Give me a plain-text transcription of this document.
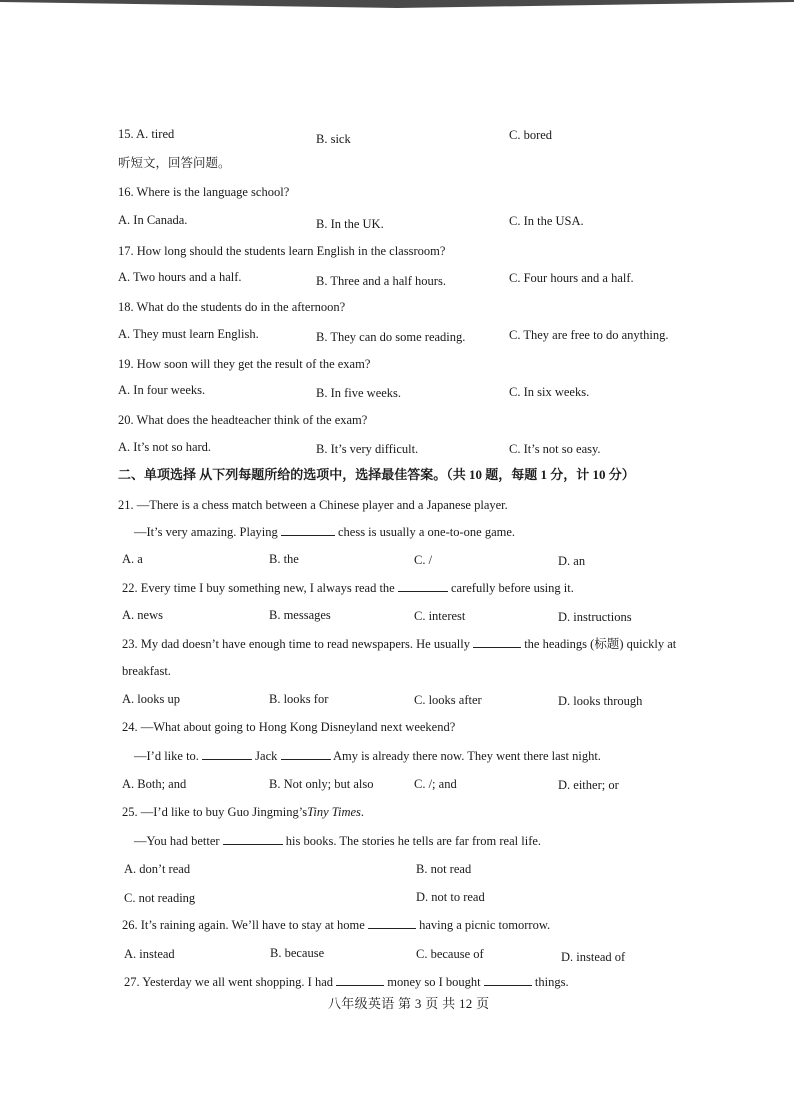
15. A. tired	B. sick	C. bored
听短文，回答问题。
16. Where is the language school?
A. In Canada.	B. In the UK.	C. In the USA.
17. How long should the students learn English in the classroom?
A. Two hours and a half.	B. Three and a half hours.	C. Four hours and a half.
18. What do the students do in the afternoon?
A. They must learn English.	B. They can do some reading.	C. They are free to do anything.
19. How soon will they get the result of the exam?
A. In four weeks.	B. In five weeks.	C. In six weeks.
20. What does the headteacher think of the exam?
A. It’s not so hard.	B. It’s very difficult.	C. It’s not so easy.
二、单项选择 从下列每题所给的选项中，选择最佳答案。（共 10 题，每题 1 分，计 10 分）
21. —There is a chess match between a Chinese player and a Japanese player.
—It’s very amazing. Playing	chess is usually a one-to-one game.
A. a	B. the	C. /	D. an
22. Every time I buy something new, I always read the	carefully before using it.
A. news	B. messages	C. interest	D. instructions
23. My dad doesn’t have enough time to read newspapers. He usually	the headings (标题) quickly at
breakfast.
A. looks up	B. looks for	C. looks after	D. looks through
24. —What about going to Hong Kong Disneyland next weekend?
—I’d like to.	Jack	Amy is already there now. They went there last night.
A. Both; and	B. Not only; but also	C. /; and	D. either; or
25. —I’d like to buy Guo Jingming’sTiny Times.
—You had better	his books. The stories he tells are far from real life.
A. don’t read	B. not read
C. not reading	D. not to read
26. It’s raining again. We’ll have to stay at home	having a picnic tomorrow.
A. instead	B. because	C. because of	D. instead of
27. Yesterday we all went shopping. I had	money so I bought	things.
八年级英语 第 3 页 共 12 页
